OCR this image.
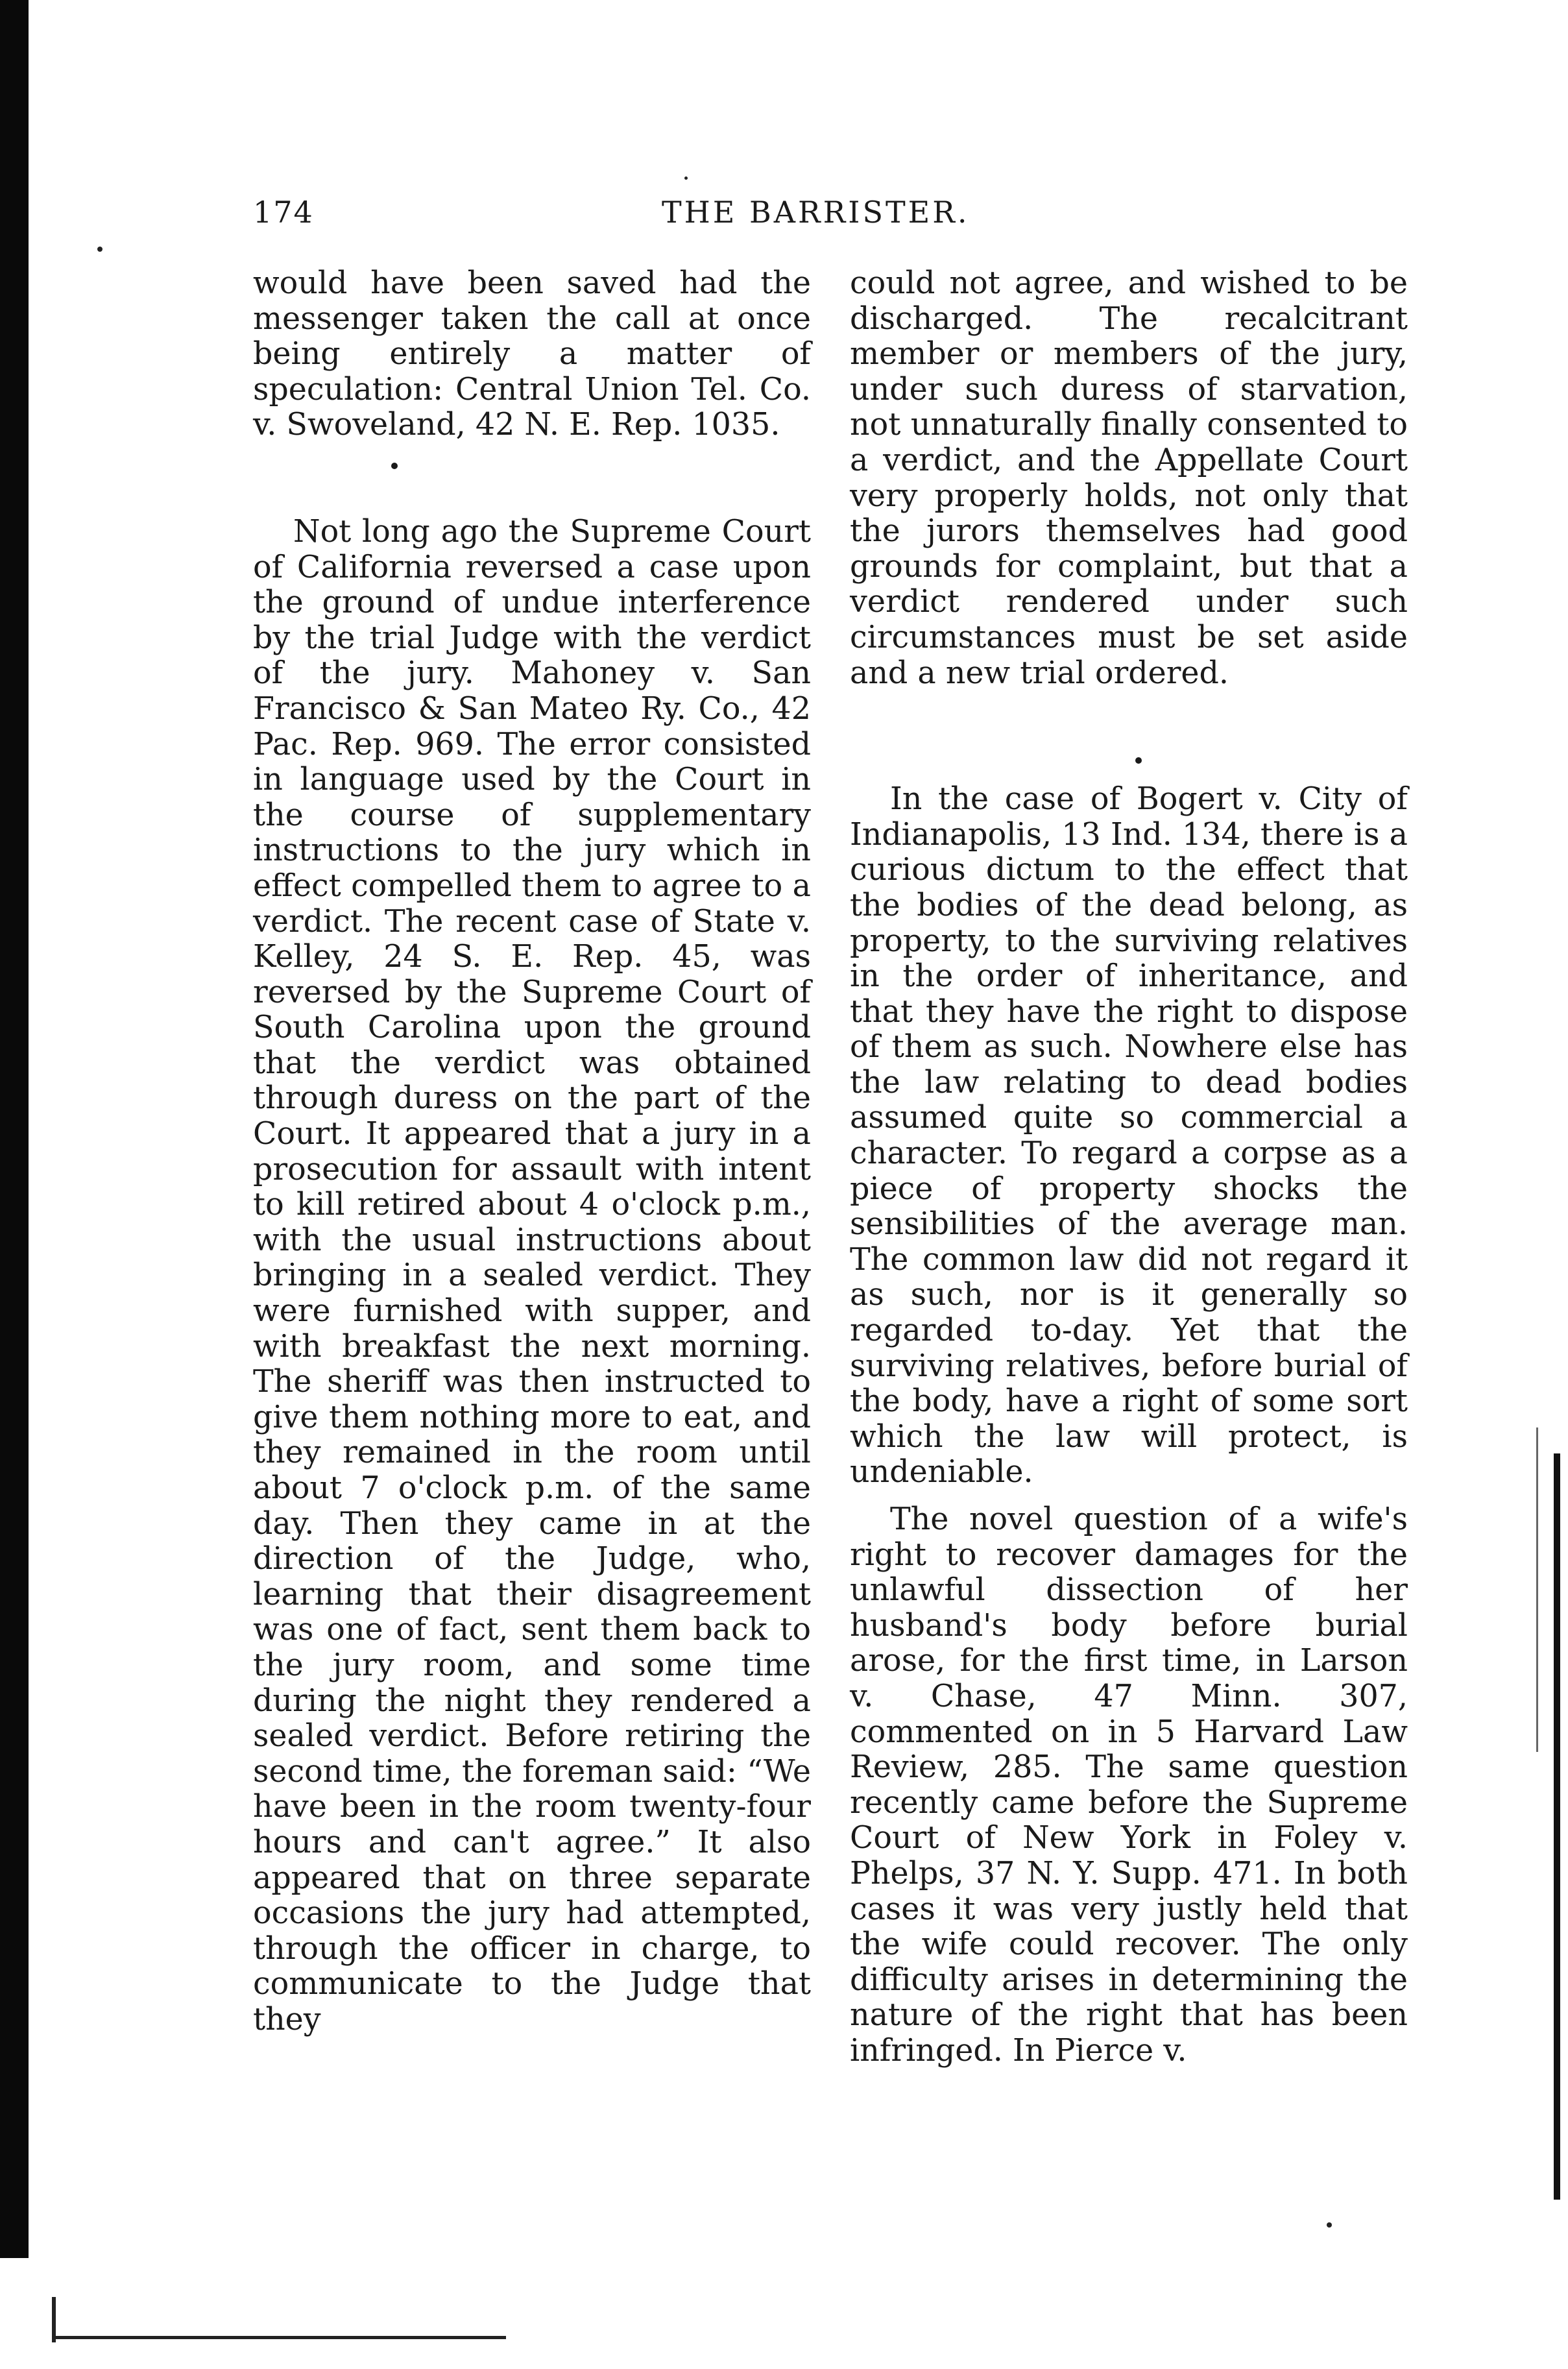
174	THE BARRISTER.

would have been saved had the messenger taken the call at once being entirely a matter of speculation: Central Union Tel. Co. v. Swoveland, 42 N. E. Rep. 1035.

Not long ago the Supreme Court of California reversed a case upon the ground of undue interference by the trial Judge with the verdict of the jury. Mahoney v. San Francisco & San Mateo Ry. Co., 42 Pac. Rep. 969. The error consisted in language used by the Court in the course of supplementary instructions to the jury which in effect compelled them to agree to a verdict. The recent case of State v. Kelley, 24 S. E. Rep. 45, was reversed by the Supreme Court of South Carolina upon the ground that the verdict was obtained through duress on the part of the Court. It appeared that a jury in a prosecution for assault with intent to kill retired about 4 o'clock p.m., with the usual instructions about bringing in a sealed verdict. They were furnished with supper, and with breakfast the next morning. The sheriff was then instructed to give them nothing more to eat, and they remained in the room until about 7 o'clock p.m. of the same day. Then they came in at the direction of the Judge, who, learning that their disagreement was one of fact, sent them back to the jury room, and some time during the night they rendered a sealed verdict. Before retiring the second time, the foreman said: “We have been in the room twenty-four hours and can't agree.” It also appeared that on three separate occasions the jury had attempted, through the officer in charge, to communicate to the Judge that they

could not agree, and wished to be discharged. The recalcitrant member or members of the jury, under such duress of starvation, not unnaturally finally consented to a verdict, and the Appellate Court very properly holds, not only that the jurors themselves had good grounds for complaint, but that a verdict rendered under such circumstances must be set aside and a new trial ordered.

In the case of Bogert v. City of Indianapolis, 13 Ind. 134, there is a curious dictum to the effect that the bodies of the dead belong, as property, to the surviving relatives in the order of inheritance, and that they have the right to dispose of them as such. Nowhere else has the law relating to dead bodies assumed quite so commercial a character. To regard a corpse as a piece of property shocks the sensibilities of the average man. The common law did not regard it as such, nor is it generally so regarded to-day. Yet that the surviving relatives, before burial of the body, have a right of some sort which the law will protect, is undeniable.

The novel question of a wife's right to recover damages for the unlawful dissection of her husband's body before burial arose, for the first time, in Larson v. Chase, 47 Minn. 307, commented on in 5 Harvard Law Review, 285. The same question recently came before the Supreme Court of New York in Foley v. Phelps, 37 N. Y. Supp. 471. In both cases it was very justly held that the wife could recover. The only difficulty arises in determining the nature of the right that has been infringed. In Pierce v.
